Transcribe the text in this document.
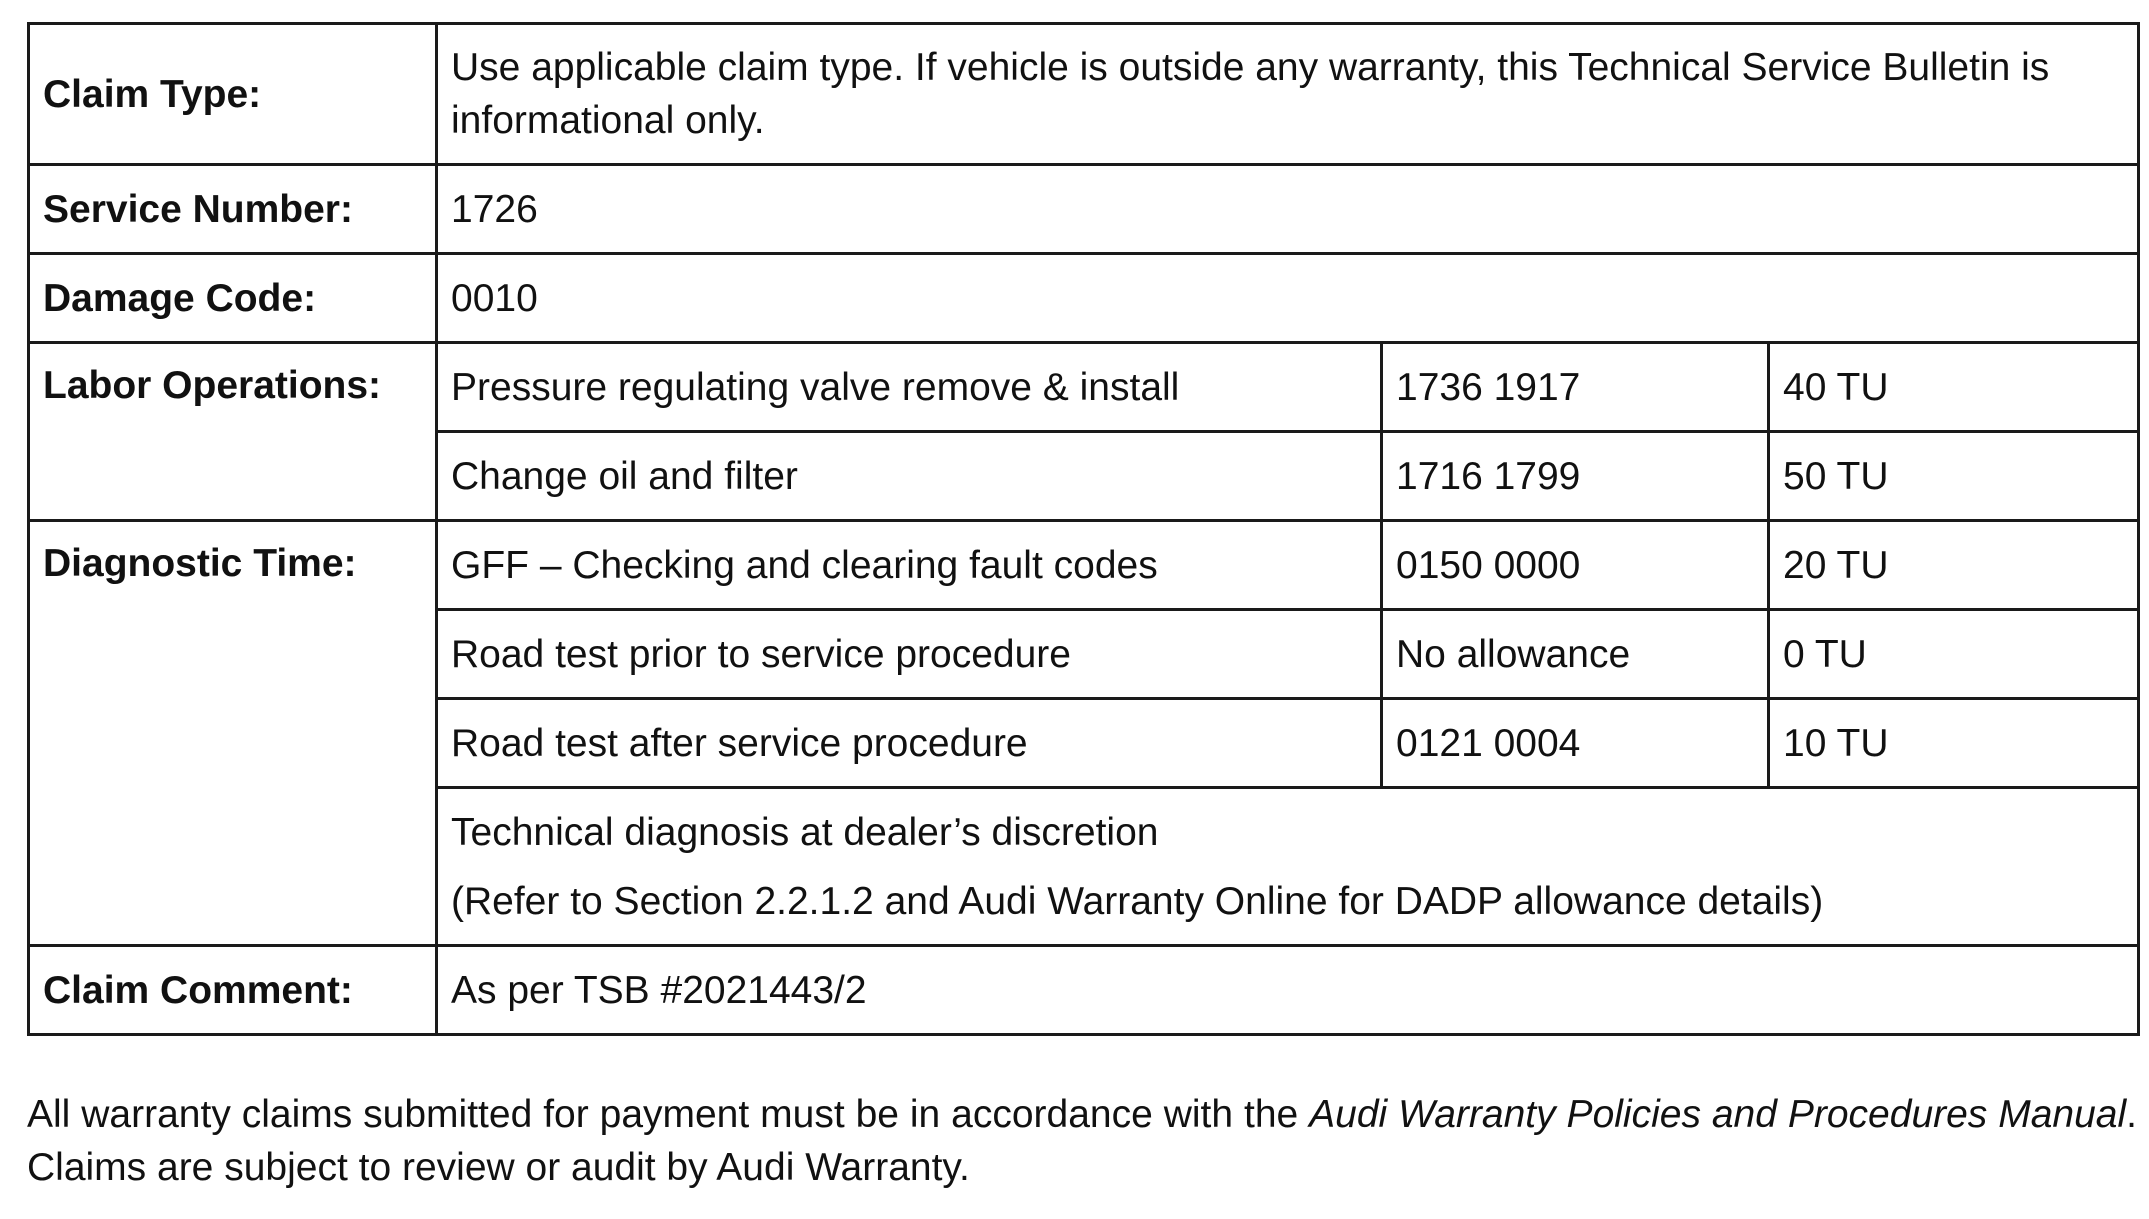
Claim Type:	Use applicable claim type. If vehicle is outside any warranty, this Technical Service Bulletin is informational only.		
Service Number:	1726		
Damage Code:	0010		
Labor Operations:	Pressure regulating valve remove & install	1736 1917	40 TU
	Change oil and filter	1716 1799	50 TU
Diagnostic Time:	GFF – Checking and clearing fault codes	0150 0000	20 TU
	Road test prior to service procedure	No allowance	0 TU
	Road test after service procedure	0121 0004	10 TU

	Technical diagnosis at dealer’s discretion
(Refer to Section 2.2.1.2 and Audi Warranty Online for DADP allowance details)		

Claim Comment:	As per TSB #2021443/2		

All warranty claims submitted for payment must be in accordance with the Audi Warranty Policies and Procedures Manual. Claims are subject to review or audit by Audi Warranty.
